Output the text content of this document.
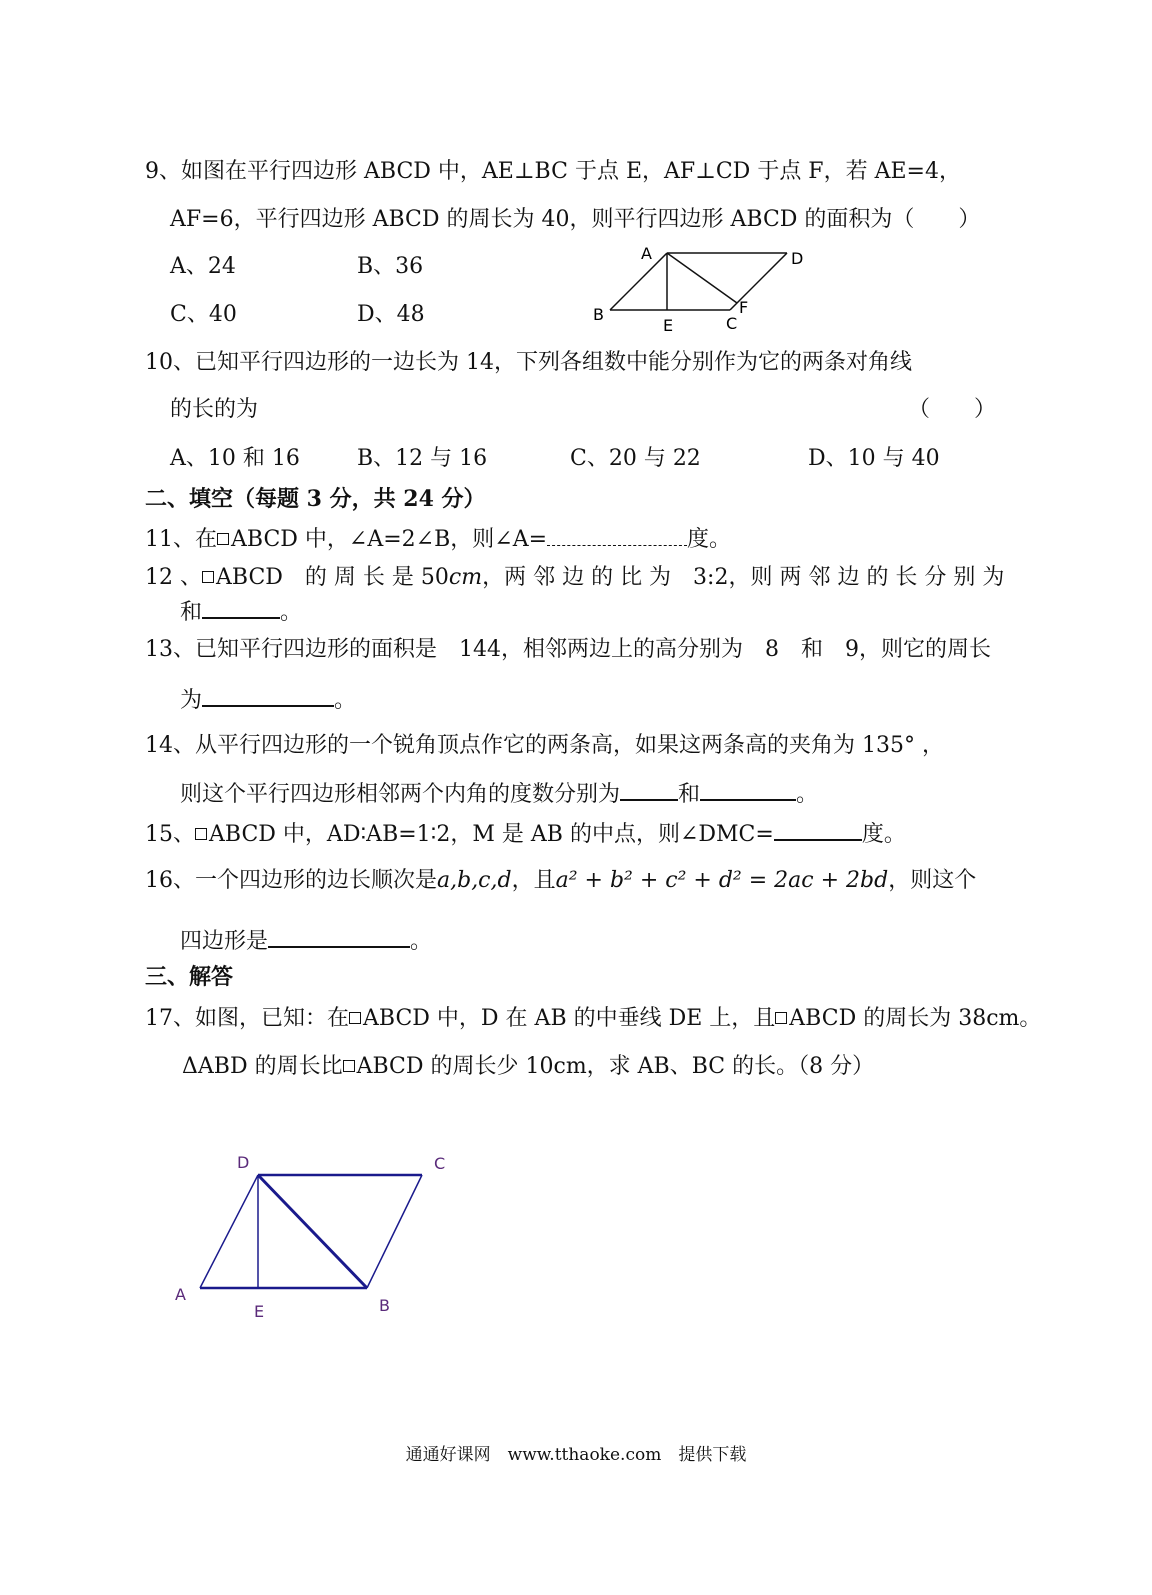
9、如图在平行四边形 ABCD 中，AE⊥BC 于点 E，AF⊥CD 于点 F，若 AE=4，
AF=6，平行四边形 ABCD 的周长为 40，则平行四边形 ABCD 的面积为（　　）
A、24	B、36
C、40	D、48
A	D
B
E	C
F
10、已知平行四边形的一边长为 14，下列各组数中能分别作为它的两条对角线
的长的为	（　　）
A、10 和 16	B、12 与 16	C、20 与 22	D、10 与 40
二、填空（每题 3 分，共 24 分）
11、在 ABCD 中，∠A=2∠B，则∠A=	度。
12 、 ABCD　的 周 长 是 50cm，两 邻 边 的 比 为　3:2，则 两 邻 边 的 长 分 别 为
和	。
13、已知平行四边形的面积是　144，相邻两边上的高分别为　8　和　9，则它的周长
为	。
14、从平行四边形的一个锐角顶点作它的两条高，如果这两条高的夹角为 135° ，
则这个平行四边形相邻两个内角的度数分别为	和	。
15、 ABCD 中，AD∶AB=1∶2，M 是 AB 的中点，则∠DMC=	度。
16、一个四边形的边长顺次是a,b,c,d，且a² + b² + c² + d² = 2ac + 2bd，则这个
四边形是	。
三、解答
17、如图，已知：在 ABCD 中，D 在 AB 的中垂线 DE 上，且 ABCD 的周长为 38cm。
ΔABD 的周长比 ABCD 的周长少 10cm，求 AB、BC 的长。（8 分）
D	C
A
E	B
通通好课网　www.tthaoke.com　提供下载
